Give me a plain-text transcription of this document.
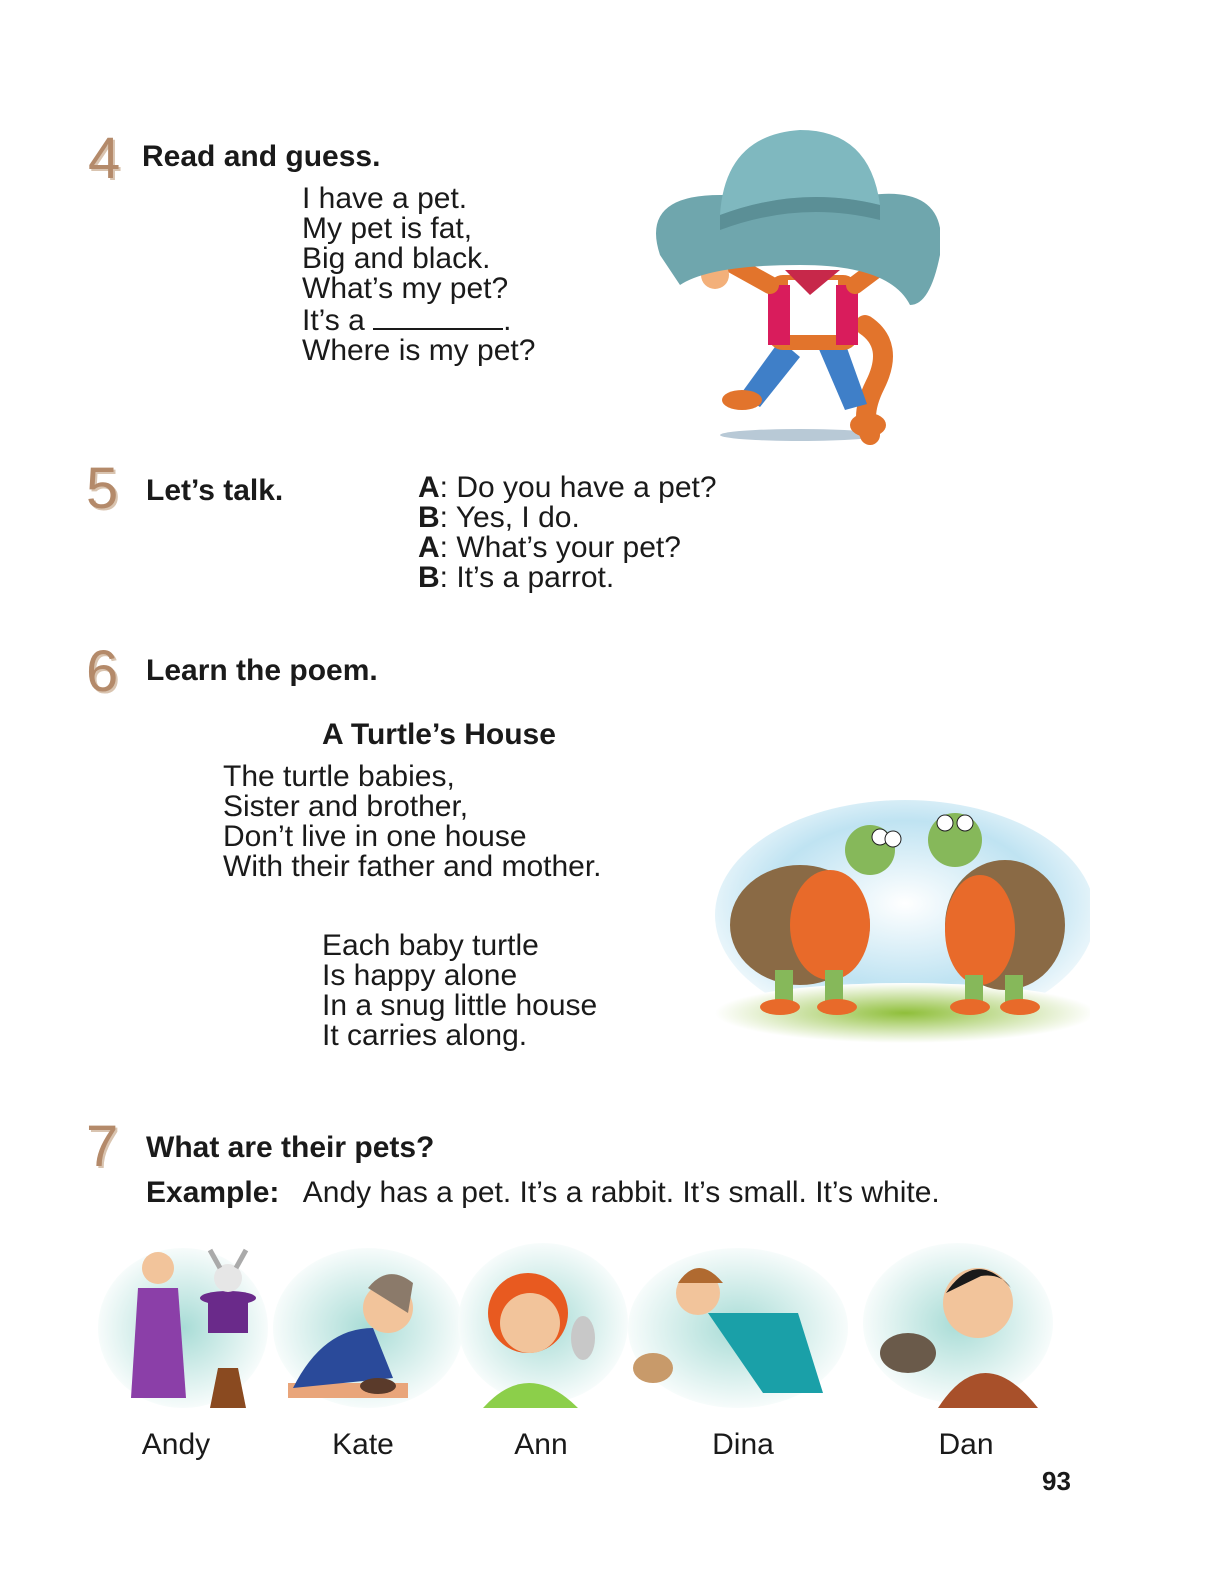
4 Read and guess.
I have a pet.
My pet is fat,
Big and black.
What’s my pet?
It’s a	.
Where is my pet?
5 Let’s talk.	A: Do you have a pet?
B: Yes, I do.
A: What’s your pet?
B: It’s a parrot.
6 Learn the poem.
A Turtle’s House
The turtle babies,
Sister and brother,
Don’t live in one house
With their father and mother.
Each baby turtle
Is happy alone
In a snug little house
It carries along.
7 What are their pets?
Example: Andy has a pet. It’s a rabbit. It’s small. It’s white.
Andy	Kate	Ann	Dina	Dan
93
